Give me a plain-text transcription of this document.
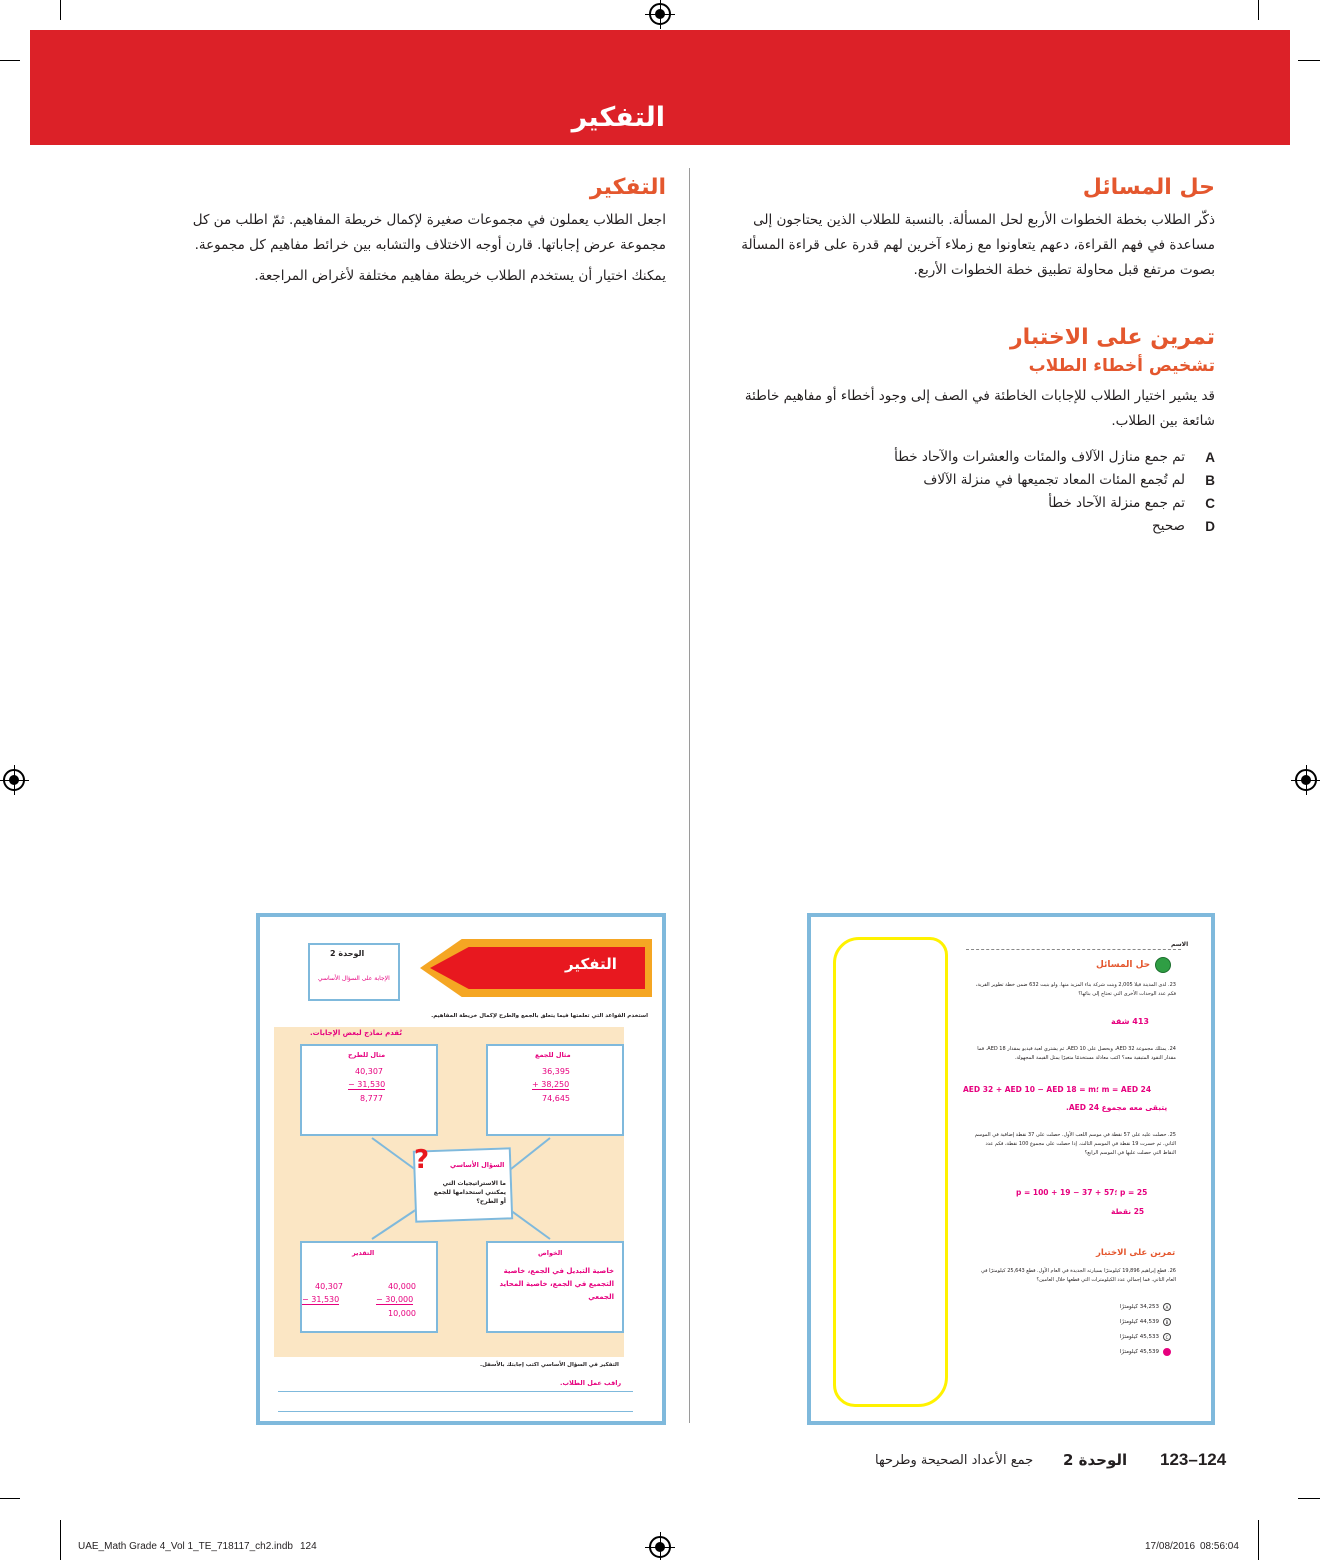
التفكير
حل المسائل

ذكّر الطلاب بخطة الخطوات الأربع لحل المسألة. بالنسبة للطلاب الذين يحتاجون إلى مساعدة في فهم القراءة، دعهم يتعاونوا مع زملاء آخرين لهم قدرة على قراءة المسألة بصوت مرتفع قبل محاولة تطبيق خطة الخطوات الأربع.

تمرين على الاختبار
تشخيص أخطاء الطلاب

قد يشير اختيار الطلاب للإجابات الخاطئة في الصف إلى وجود أخطاء أو مفاهيم خاطئة شائعة بين الطلاب.

A
تم جمع منازل الآلاف والمئات والعشرات والآحاد خطأ
B
لم تُجمع المئات المعاد تجميعها في منزلة الآلاف
C
تم جمع منزلة الآحاد خطأ
D
صحيح
التفكير

اجعل الطلاب يعملون في مجموعات صغيرة لإكمال خريطة المفاهيم. ثمّ اطلب من كل مجموعة عرض إجاباتها. قارن أوجه الاختلاف والتشابه بين خرائط مفاهيم كل مجموعة.

يمكنك اختيار أن يستخدم الطلاب خريطة مفاهيم مختلفة لأغراض المراجعة.

التفكير
الوحدة 2
الإجابة على السؤال الأساسي
استخدم القواعد التي تعلمتها فيما يتعلق بالجمع والطرح لإكمال خريطة المفاهيم.
تُقدم نماذج لبعض الإجابات.
مثال للجمع
36,395
+ 38,250
74,645
مثال للطرح
40,307
− 31,530
8,777
?	السؤال الأساسي
ما الاستراتيجيات التي يمكنني استخدامها للجمع أو الطرح؟
الخواص
خاصية التبديل في الجمع، خاصية التجميع في الجمع، خاصية المحايد الجمعي
التقدير
40,307
− 31,530
40,000
− 30,000
10,000
التفكير في السؤال الأساسي اكتب إجابتك بالأسفل.
راقب عمل الطلاب.
الاسم
حل المسائل
23. لدى المدينة فيلا 2,005 وبنت شركة بناء المزيد منها. ولو بنيت 632 ضمن خطة تطوير القرية، فكم عدد الوحدات الأخرى التي تحتاج إلى بنائها؟
413 شقة
24. يمتلك مجموعة AED 32، ويحصل على AED 10. ثم يشتري لعبة فيديو بمقدار AED 18. فما مقدار النقود المتبقية معه؟ اكتب معادلة مستخدمًا متغيرًا يمثل القيمة المجهولة.
m = AED 24 ؛AED 32 + AED 10 − AED 18 = m
يتبقى معه مجموع AED 24.
25. حصلت عليه على 57 نقطة في موسم اللعب الأول. حصلت على 37 نقطة إضافية في الموسم الثاني. ثم خسرت 19 نقطة في الموسم الثالث. إذا حصلت على مجموع 100 نقطة، فكم عدد النقاط التي حصلت عليها في الموسم الرابع؟
p = 25 ؛57 + 37 − 19 + p = 100
25 نقطة
تمرين على الاختبار
26. قطع إبراهيم 19,896 كيلومترًا بسيارته الجديدة في العام الأول. قطع 25,643 كيلومترًا في العام الثاني. فما إجمالي عدد الكيلومترات التي قطعها خلال العامين؟
A
34,253 كيلومترًا
B
44,539 كيلومترًا
C
45,533 كيلومترًا
D
45,539 كيلومترًا
123–124
الوحدة 2
جمع الأعداد الصحيحة وطرحها
UAE_Math Grade 4_Vol 1_TE_718117_ch2.indb 124	17/08/2016 08:56:04
